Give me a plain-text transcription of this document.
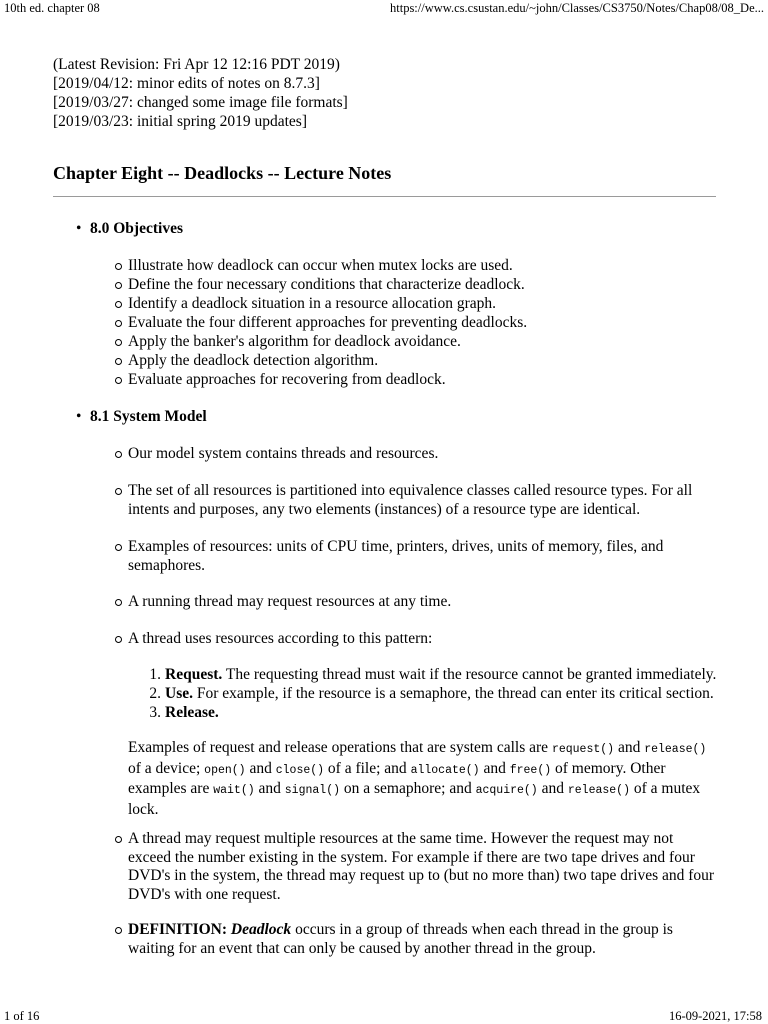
10th ed. chapter 08	https://www.cs.csustan.edu/~john/Classes/CS3750/Notes/Chap08/08_De...
(Latest Revision: Fri Apr 12 12:16 PDT 2019)
[2019/04/12: minor edits of notes on 8.7.3]
[2019/03/27: changed some image file formats]
[2019/03/23: initial spring 2019 updates]
Chapter Eight -- Deadlocks -- Lecture Notes
• 8.0 Objectives
Illustrate how deadlock can occur when mutex locks are used.
Define the four necessary conditions that characterize deadlock.
Identify a deadlock situation in a resource allocation graph.
Evaluate the four different approaches for preventing deadlocks.
Apply the banker's algorithm for deadlock avoidance.
Apply the deadlock detection algorithm.
Evaluate approaches for recovering from deadlock.
• 8.1 System Model
Our model system contains threads and resources.
The set of all resources is partitioned into equivalence classes called resource types. For all intents and purposes, any two elements (instances) of a resource type are identical.
Examples of resources: units of CPU time, printers, drives, units of memory, files, and semaphores.
A running thread may request resources at any time.
A thread uses resources according to this pattern:
1. Request. The requesting thread must wait if the resource cannot be granted immediately.
2. Use. For example, if the resource is a semaphore, the thread can enter its critical section.
3. Release.
Examples of request and release operations that are system calls are request() and release() of a device; open() and close() of a file; and allocate() and free() of memory. Other examples are wait() and signal() on a semaphore; and acquire() and release() of a mutex lock.
A thread may request multiple resources at the same time. However the request may not exceed the number existing in the system. For example if there are two tape drives and four DVD's in the system, the thread may request up to (but no more than) two tape drives and four DVD's with one request.
DEFINITION: Deadlock occurs in a group of threads when each thread in the group is waiting for an event that can only be caused by another thread in the group.
1 of 16	16-09-2021, 17:58
